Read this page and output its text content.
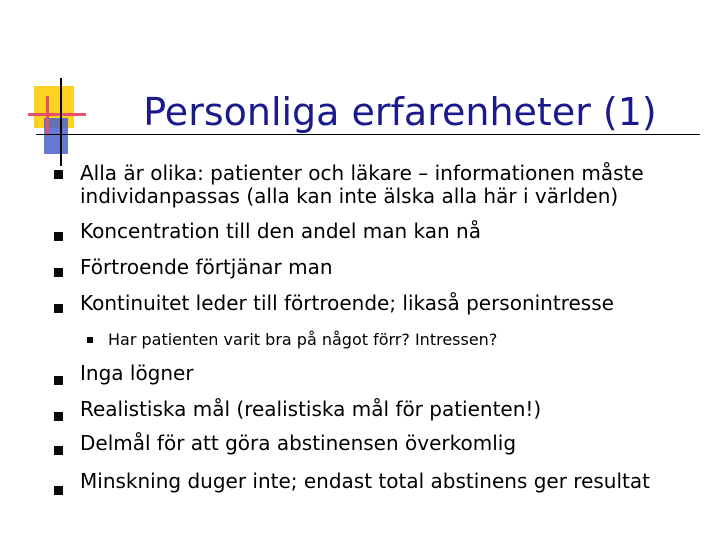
Personliga erfarenheter (1)
Alla är olika: patienter och läkare – informationen måste
individanpassas (alla kan inte älska alla här i världen)
Koncentration till den andel man kan nå
Förtroende förtjänar man
Kontinuitet leder till förtroende; likaså personintresse
Har patienten varit bra på något förr? Intressen?
Inga lögner
Realistiska mål (realistiska mål för patienten!)
Delmål för att göra abstinensen överkomlig
Minskning duger inte; endast total abstinens ger resultat
